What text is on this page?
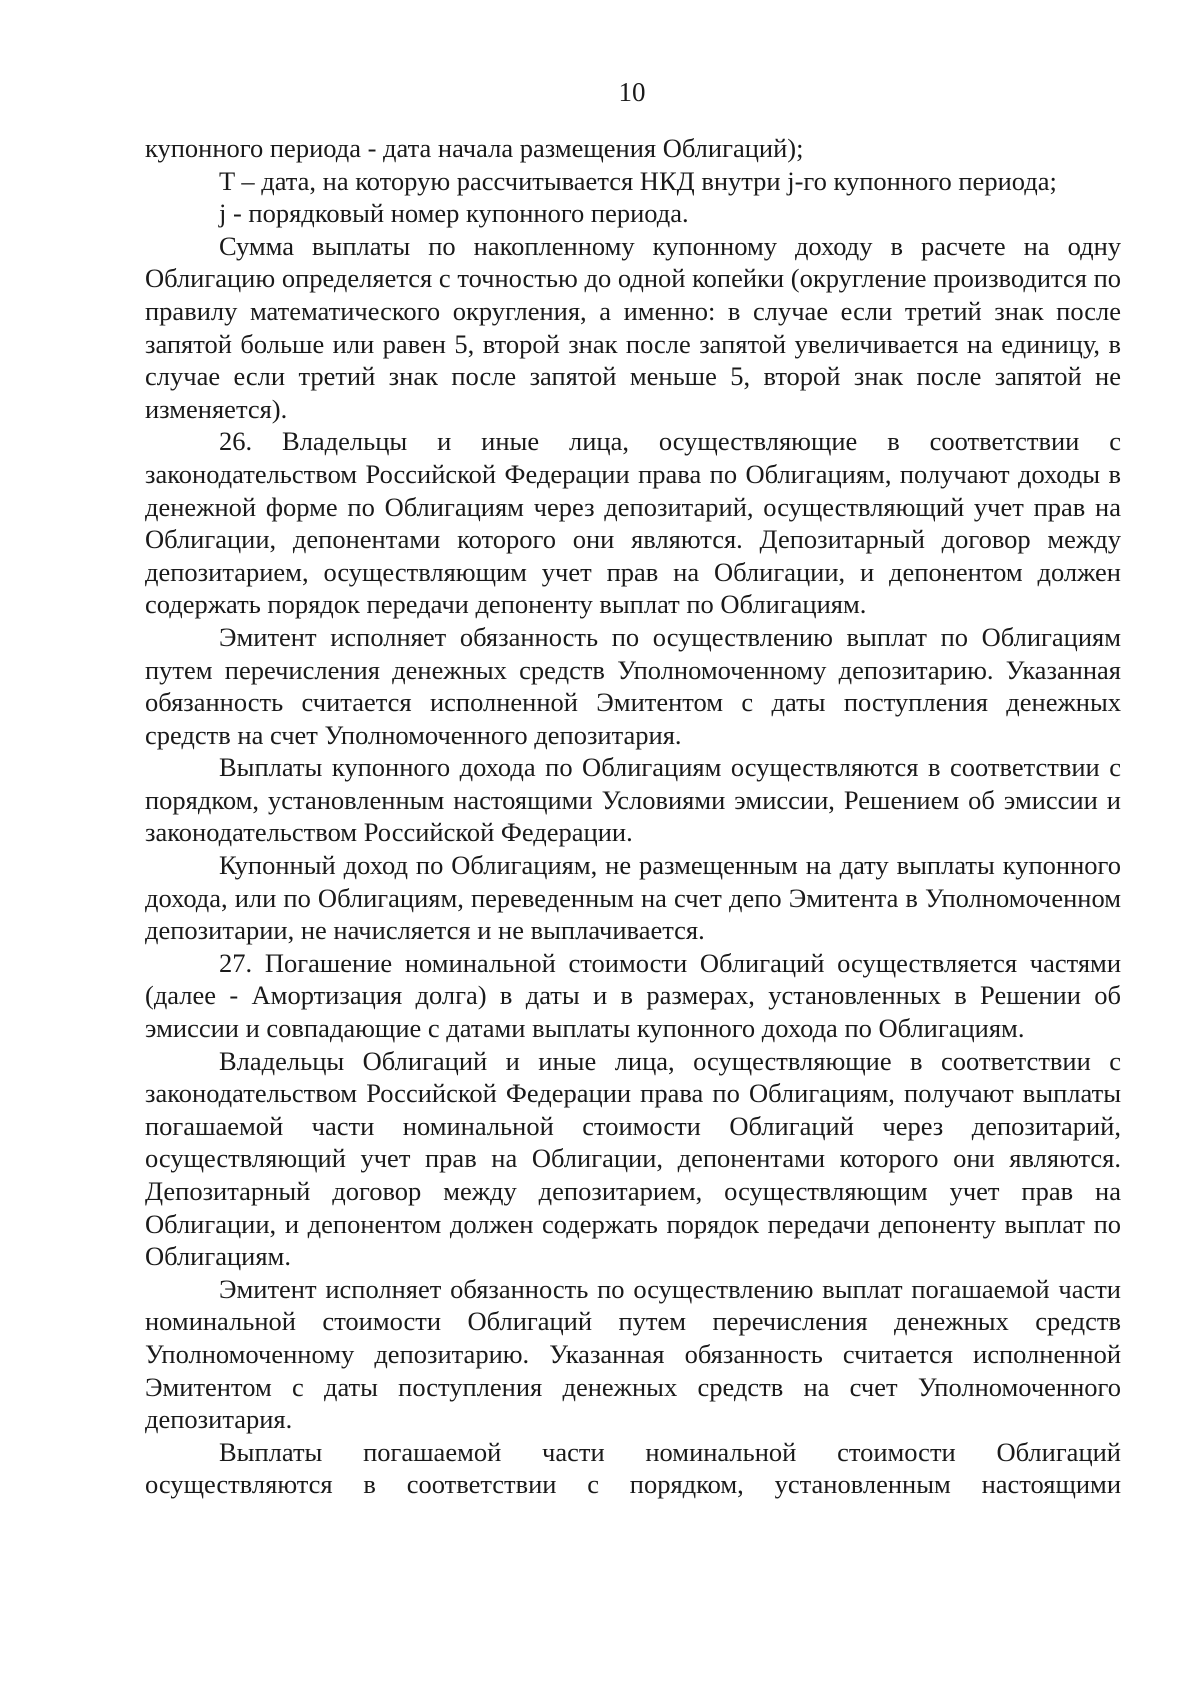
10

купонного периода - дата начала размещения Облигаций);

T – дата, на которую рассчитывается НКД внутри j-го купонного периода;

j - порядковый номер купонного периода.

Сумма выплаты по накопленному купонному доходу в расчете на одну Облигацию определяется с точностью до одной копейки (округление производится по правилу математического округления, а именно: в случае если третий знак после запятой больше или равен 5, второй знак после запятой увеличивается на единицу, в случае если третий знак после запятой меньше 5, второй знак после запятой не изменяется).

26. Владельцы и иные лица, осуществляющие в соответствии с законодательством Российской Федерации права по Облигациям, получают доходы в денежной форме по Облигациям через депозитарий, осуществляющий учет прав на Облигации, депонентами которого они являются. Депозитарный договор между депозитарием, осуществляющим учет прав на Облигации, и депонентом должен содержать порядок передачи депоненту выплат по Облигациям.

Эмитент исполняет обязанность по осуществлению выплат по Облигациям путем перечисления денежных средств Уполномоченному депозитарию. Указанная обязанность считается исполненной Эмитентом с даты поступления денежных средств на счет Уполномоченного депозитария.

Выплаты купонного дохода по Облигациям осуществляются в соответствии с порядком, установленным настоящими Условиями эмиссии, Решением об эмиссии и законодательством Российской Федерации.

Купонный доход по Облигациям, не размещенным на дату выплаты купонного дохода, или по Облигациям, переведенным на счет депо Эмитента в Уполномоченном депозитарии, не начисляется и не выплачивается.

27. Погашение номинальной стоимости Облигаций осуществляется частями (далее - Амортизация долга) в даты и в размерах, установленных в Решении об эмиссии и совпадающие с датами выплаты купонного дохода по Облигациям.

Владельцы Облигаций и иные лица, осуществляющие в соответствии с законодательством Российской Федерации права по Облигациям, получают выплаты погашаемой части номинальной стоимости Облигаций через депозитарий, осуществляющий учет прав на Облигации, депонентами которого они являются. Депозитарный договор между депозитарием, осуществляющим учет прав на Облигации, и депонентом должен содержать порядок передачи депоненту выплат по Облигациям.

Эмитент исполняет обязанность по осуществлению выплат погашаемой части номинальной стоимости Облигаций путем перечисления денежных средств Уполномоченному депозитарию. Указанная обязанность считается исполненной Эмитентом с даты поступления денежных средств на счет Уполномоченного депозитария.

Выплаты погашаемой части номинальной стоимости Облигаций осуществляются в соответствии с порядком, установленным настоящими
